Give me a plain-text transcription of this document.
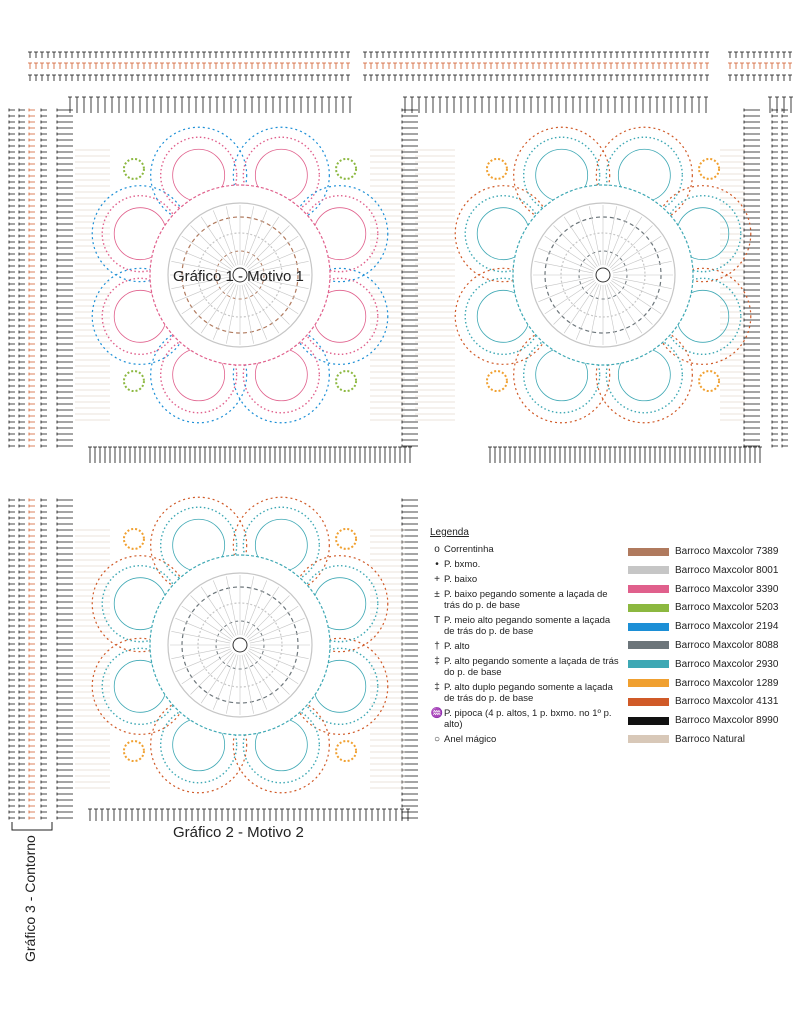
Gráfico 1 - Motivo 1
Gráfico 2 - Motivo 2
Gráfico 3 - Contorno
Legenda
o Correntinha
• P. bxmo.
+ P. baixo
± P. baixo pegando somente a laçada de trás do p. de base
T P. meio alto pegando somente a laçada de trás do p. de base
† P. alto
‡ P. alto pegando somente a laçada de trás do p. de base
‡ P. alto duplo pegando somente a laçada de trás do p. de base
♒ P. pipoca (4 p. altos, 1 p. bxmo. no 1º p. alto)
○ Anel mágico
Barroco Maxcolor 7389
Barroco Maxcolor 8001
Barroco Maxcolor 3390
Barroco Maxcolor 5203
Barroco Maxcolor 2194
Barroco Maxcolor 8088
Barroco Maxcolor 2930
Barroco Maxcolor 1289
Barroco Maxcolor 4131
Barroco Maxcolor 8990
Barroco Natural
